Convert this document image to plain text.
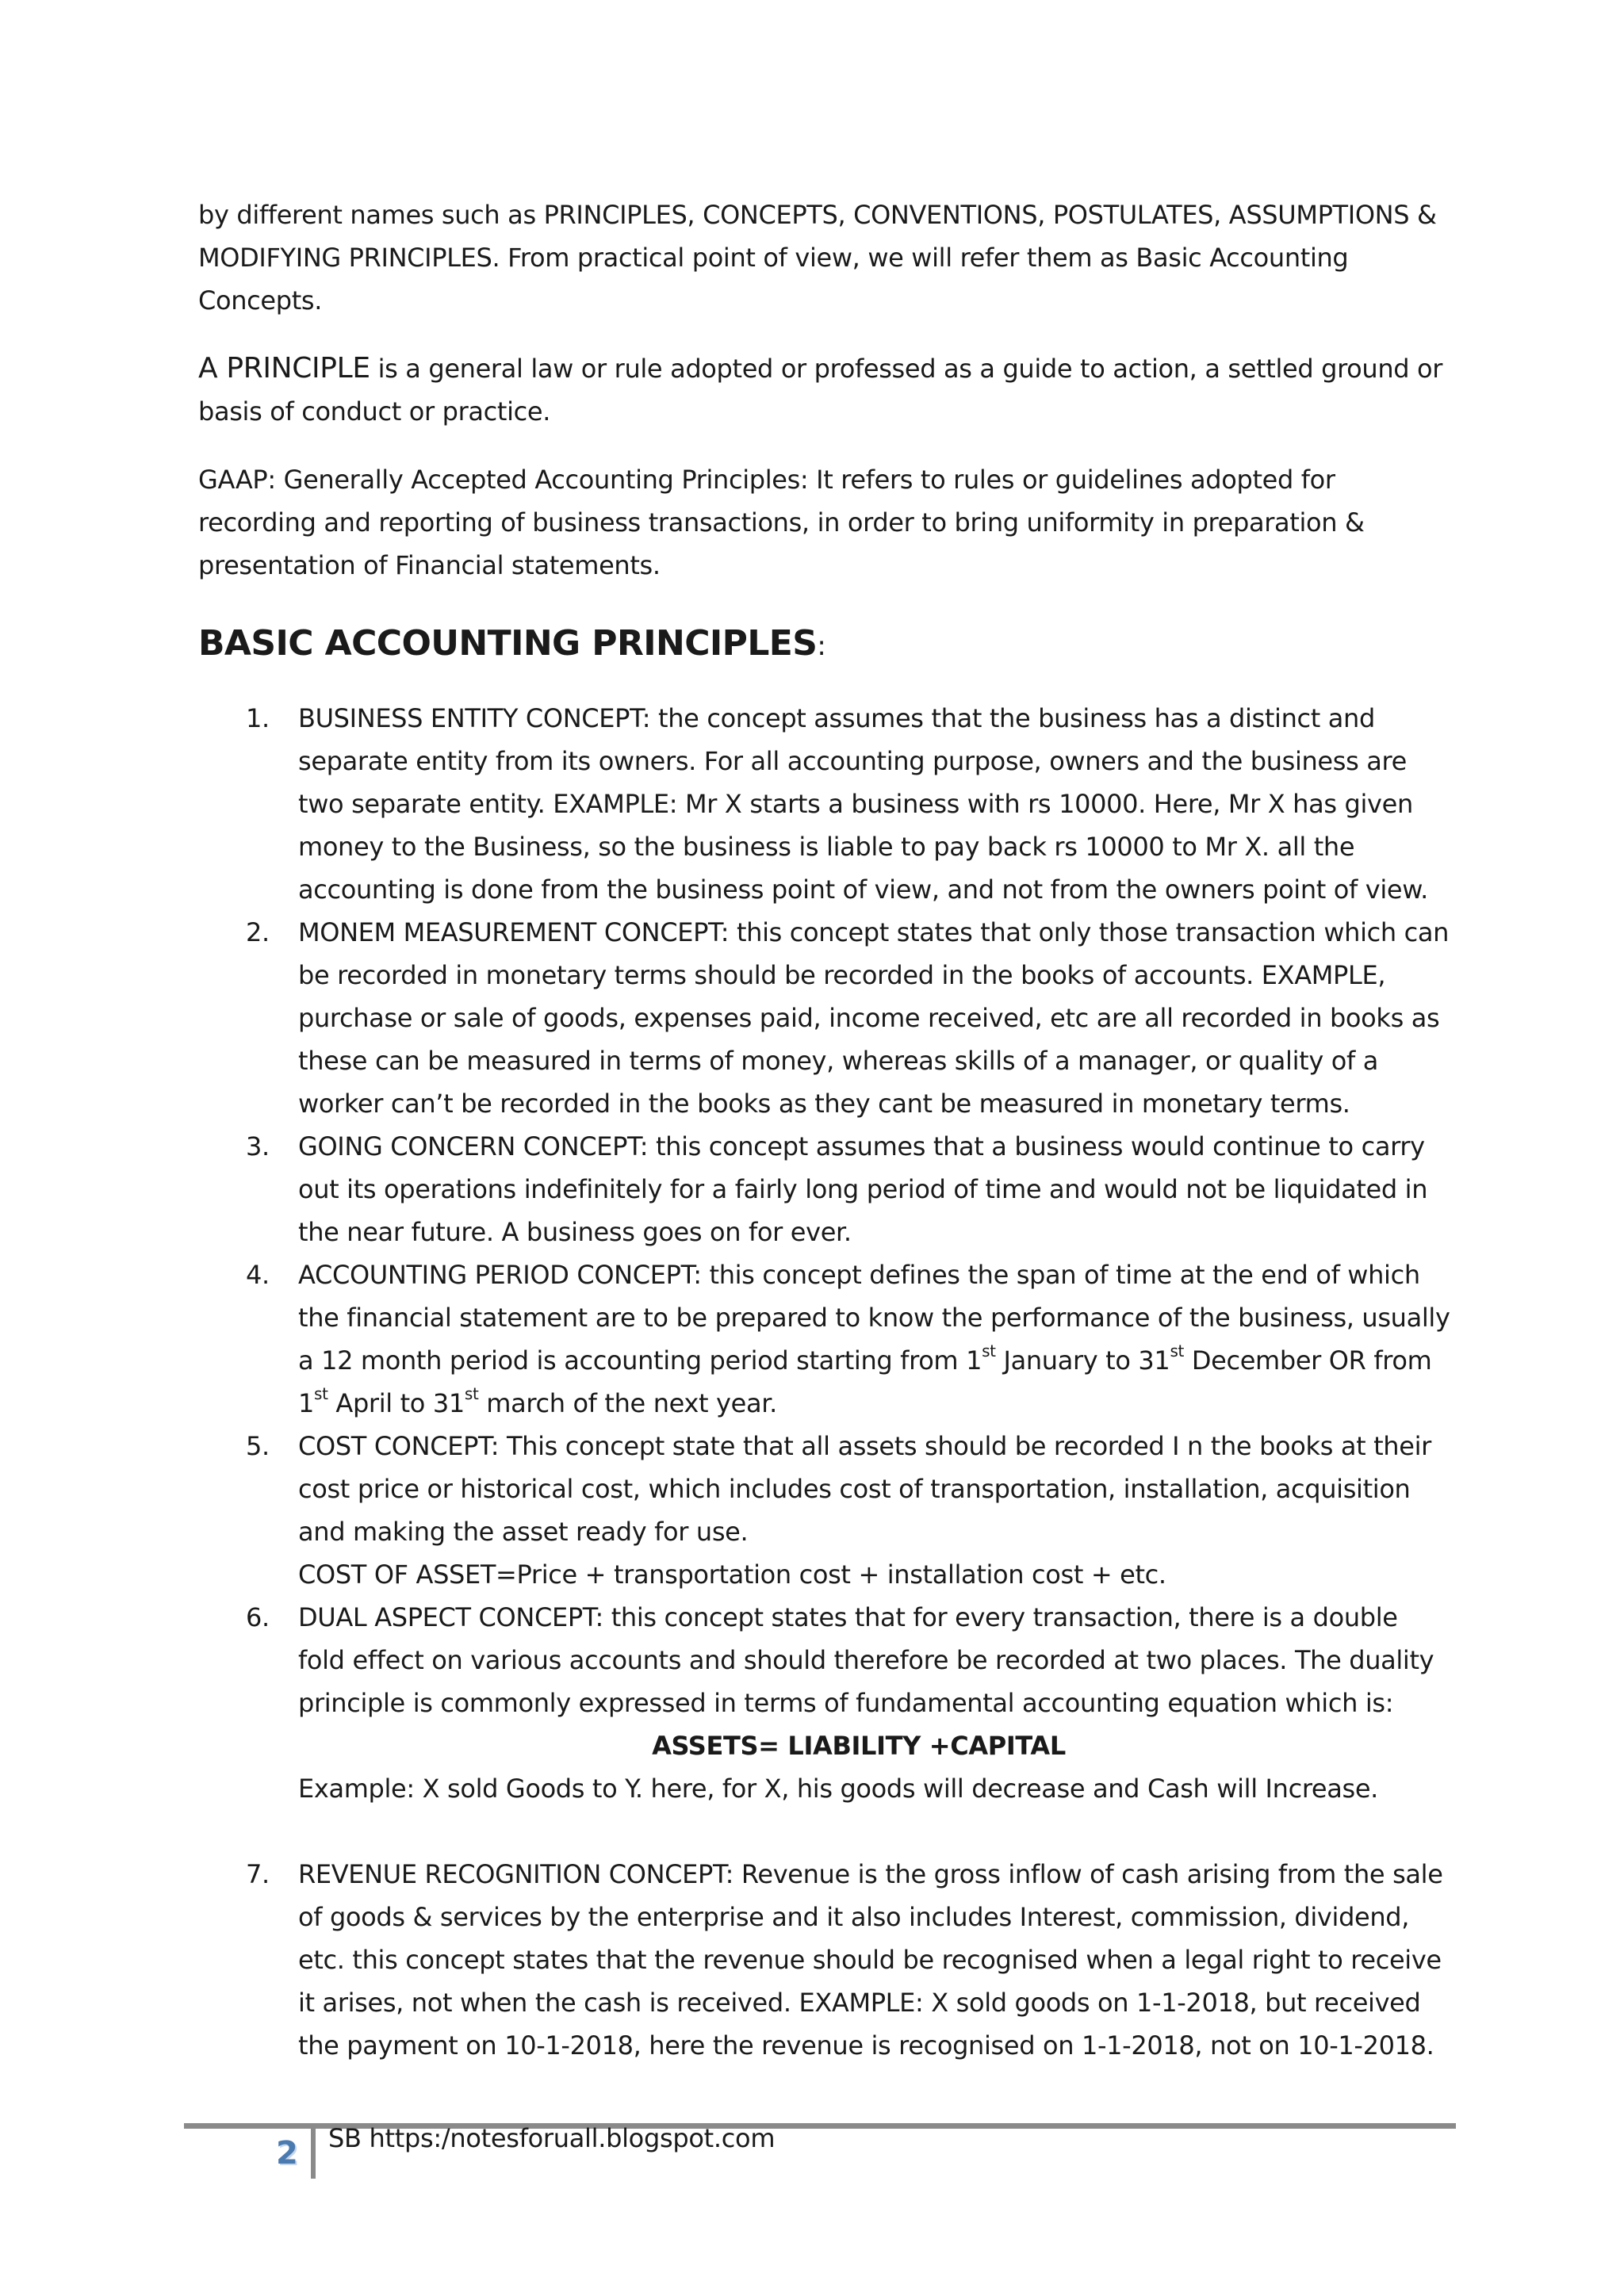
by different names such as PRINCIPLES, CONCEPTS, CONVENTIONS, POSTULATES, ASSUMPTIONS & MODIFYING PRINCIPLES. From practical point of view, we will refer them as Basic Accounting Concepts.

A PRINCIPLE is a general law or rule adopted or professed as a guide to action, a settled ground or basis of conduct or practice.

GAAP: Generally Accepted Accounting Principles: It refers to rules or guidelines adopted for recording and reporting of business transactions, in order to bring uniformity in preparation & presentation of Financial statements.

BASIC ACCOUNTING PRINCIPLES:
1. BUSINESS ENTITY CONCEPT: the concept assumes that the business has a distinct and separate entity from its owners. For all accounting purpose, owners and the business are two separate entity. EXAMPLE: Mr X starts a business with rs 10000. Here, Mr X has given money to the Business, so the business is liable to pay back rs 10000 to Mr X. all the accounting is done from the business point of view, and not from the owners point of view.
2. MONEM MEASUREMENT CONCEPT: this concept states that only those transaction which can be recorded in monetary terms should be recorded in the books of accounts. EXAMPLE, purchase or sale of goods, expenses paid, income received, etc are all recorded in books as these can be measured in terms of money, whereas skills of a manager, or quality of a worker can’t be recorded in the books as they cant be measured in monetary terms.
3. GOING CONCERN CONCEPT: this concept assumes that a business would continue to carry out its operations indefinitely for a fairly long period of time and would not be liquidated in the near future. A business goes on for ever.
4. ACCOUNTING PERIOD CONCEPT: this concept defines the span of time at the end of which the financial statement are to be prepared to know the performance of the business, usually a 12 month period is accounting period starting from 1st January to 31st December OR from 1st April to 31st march of the next year.
5. COST CONCEPT: This concept state that all assets should be recorded I n the books at their cost price or historical cost, which includes cost of transportation, installation, acquisition and making the asset ready for use.
COST OF ASSET=Price + transportation cost + installation cost + etc.
6. DUAL ASPECT CONCEPT: this concept states that for every transaction, there is a double fold effect on various accounts and should therefore be recorded at two places. The duality principle is commonly expressed in terms of fundamental accounting equation which is:
ASSETS= LIABILITY +CAPITAL
Example: X sold Goods to Y. here, for X, his goods will decrease and Cash will Increase.
7. REVENUE RECOGNITION CONCEPT: Revenue is the gross inflow of cash arising from the sale of goods & services by the enterprise and it also includes Interest, commission, dividend, etc. this concept states that the revenue should be recognised when a legal right to receive it arises, not when the cash is received. EXAMPLE: X sold goods on 1-1-2018, but received the payment on 10-1-2018, here the revenue is recognised on 1-1-2018, not on 10-1-2018.
2 SB https:/notesforuall.blogspot.com
